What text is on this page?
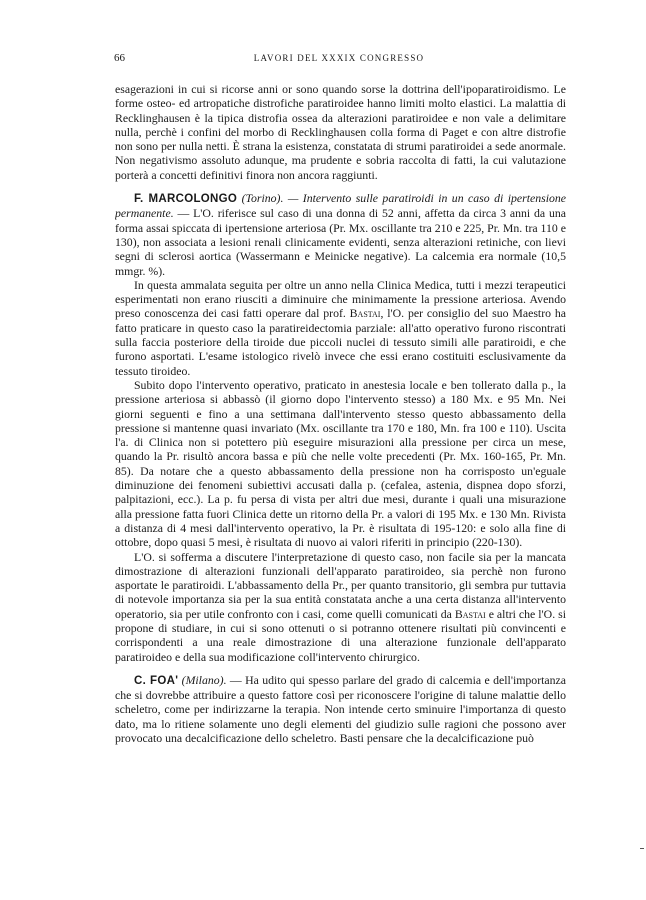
66	LAVORI DEL XXXIX CONGRESSO

esagerazioni in cui si ricorse anni or sono quando sorse la dottrina dell'ipoparatiroidismo. Le forme osteo- ed artropatiche distrofiche paratiroidee hanno limiti molto elastici. La malattia di Recklinghausen è la tipica distrofia ossea da alterazioni paratiroidee e non vale a delimitare nulla, perchè i confini del morbo di Recklinghausen colla forma di Paget e con altre distrofie non sono per nulla netti. È strana la esistenza, constatata di strumi paratiroidei a sede anormale. Non negativismo assoluto adunque, ma prudente e sobria raccolta di fatti, la cui valutazione porterà a concetti definitivi finora non ancora raggiunti.

F. MARCOLONGO (Torino). — Intervento sulle paratiroidi in un caso di ipertensione permanente. — L'O. riferisce sul caso di una donna di 52 anni, affetta da circa 3 anni da una forma assai spiccata di ipertensione arteriosa (Pr. Mx. oscillante tra 210 e 225, Pr. Mn. tra 110 e 130), non associata a lesioni renali clinicamente evidenti, senza alterazioni retiniche, con lievi segni di sclerosi aortica (Wassermann e Meinicke negative). La calcemia era normale (10,5 mmgr. %).

In questa ammalata seguita per oltre un anno nella Clinica Medica, tutti i mezzi terapeutici esperimentati non erano riusciti a diminuire che minimamente la pressione arteriosa. Avendo preso conoscenza dei casi fatti operare dal prof. Bastai, l'O. per consiglio del suo Maestro ha fatto praticare in questo caso la paratireidectomia parziale: all'atto operativo furono riscontrati sulla faccia posteriore della tiroide due piccoli nuclei di tessuto simili alle paratiroidi, e che furono asportati. L'esame istologico rivelò invece che essi erano costituiti esclusivamente da tessuto tiroideo.

Subito dopo l'intervento operativo, praticato in anestesia locale e ben tollerato dalla p., la pressione arteriosa si abbassò (il giorno dopo l'intervento stesso) a 180 Mx. e 95 Mn. Nei giorni seguenti e fino a una settimana dall'intervento stesso questo abbassamento della pressione si mantenne quasi invariato (Mx. oscillante tra 170 e 180, Mn. fra 100 e 110). Uscita l'a. di Clinica non si potettero più eseguire misurazioni alla pressione per circa un mese, quando la Pr. risultò ancora bassa e più che nelle volte precedenti (Pr. Mx. 160-165, Pr. Mn. 85). Da notare che a questo abbassamento della pressione non ha corrisposto un'eguale diminuzione dei fenomeni subiettivi accusati dalla p. (cefalea, astenia, dispnea dopo sforzi, palpitazioni, ecc.). La p. fu persa di vista per altri due mesi, durante i quali una misurazione alla pressione fatta fuori Clinica dette un ritorno della Pr. a valori di 195 Mx. e 130 Mn. Rivista a distanza di 4 mesi dall'intervento operativo, la Pr. è risultata di 195-120: e solo alla fine di ottobre, dopo quasi 5 mesi, è risultata di nuovo ai valori riferiti in principio (220-130).

L'O. si sofferma a discutere l'interpretazione di questo caso, non facile sia per la mancata dimostrazione di alterazioni funzionali dell'apparato paratiroideo, sia perchè non furono asportate le paratiroidi. L'abbassamento della Pr., per quanto transitorio, gli sembra pur tuttavia di notevole importanza sia per la sua entità constatata anche a una certa distanza all'intervento operatorio, sia per utile confronto con i casi, come quelli comunicati da Bastai e altri che l'O. si propone di studiare, in cui si sono ottenuti o si potranno ottenere risultati più convincenti e corrispondenti a una reale dimostrazione di una alterazione funzionale dell'apparato paratiroideo e della sua modificazione coll'intervento chirurgico.

C. FOA' (Milano). — Ha udito qui spesso parlare del grado di calcemia e dell'importanza che si dovrebbe attribuire a questo fattore così per riconoscere l'origine di talune malattie dello scheletro, come per indirizzarne la terapia. Non intende certo sminuire l'importanza di questo dato, ma lo ritiene solamente uno degli elementi del giudizio sulle ragioni che possono aver provocato una decalcificazione dello scheletro. Basti pensare che la decalcificazione può
